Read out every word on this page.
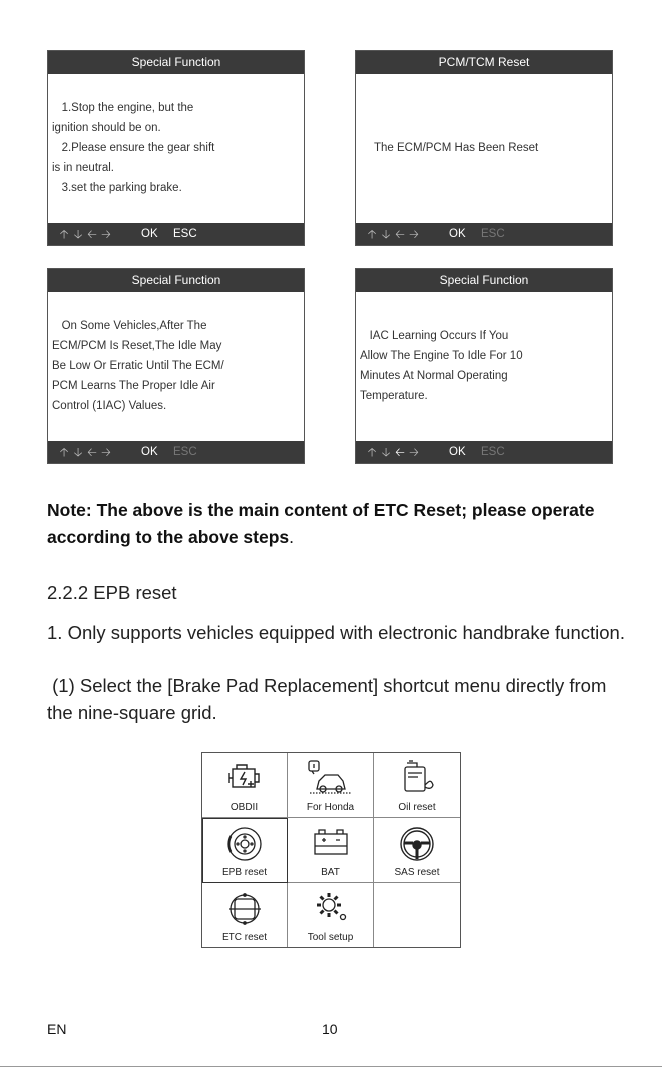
Special Function
1.Stop the engine, but the
ignition should be on.
2.Please ensure the gear shift
is in neutral.
3.set the parking brake.
🡡 🡣 🡠 🡢 OK ESC
PCM/TCM Reset
The ECM/PCM Has Been Reset
🡡 🡣 🡠 🡢 OK ESC
Special Function
On Some Vehicles,After The
ECM/PCM Is Reset,The Idle May
Be Low Or Erratic Until The ECM/
PCM Learns The Proper Idle Air
Control (1IAC) Values.
🡡 🡣 🡠 🡢 OK ESC
Special Function
IAC Learning Occurs If You
Allow The Engine To Idle For 10
Minutes At Normal Operating
Temperature.
🡡 🡣 🡠 🡢 OK ESC
Note: The above is the main content of ETC Reset; please operate according to the above steps.
2.2.2 EPB reset
1. Only supports vehicles equipped with electronic handbrake function.
(1) Select the [Brake Pad Replacement] shortcut menu directly from the nine-square grid.
OBDII	For Honda	Oil reset
EPB reset	BAT	SAS reset
ETC reset	Tool setup
EN	10
